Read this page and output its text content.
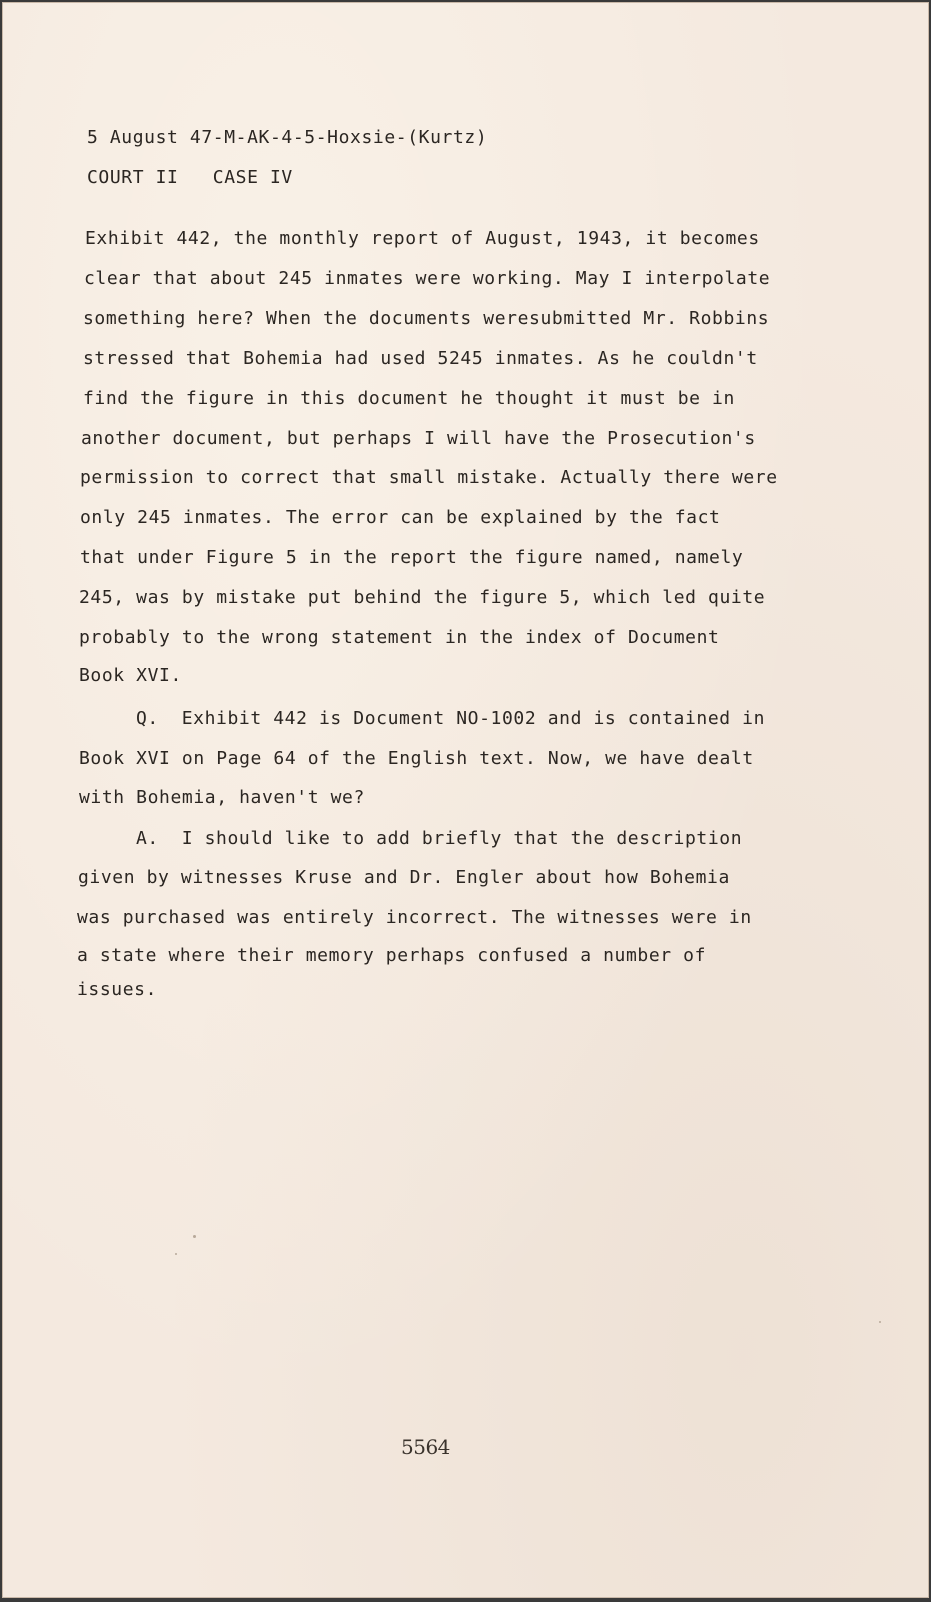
5 August 47-M-AK-4-5-Hoxsie-(Kurtz)
COURT II   CASE IV
Exhibit 442, the monthly report of August, 1943, it becomes
clear that about 245 inmates were working. May I interpolate
something here? When the documents weresubmitted Mr. Robbins
stressed that Bohemia had used 5245 inmates. As he couldn't
find the figure in this document he thought it must be in
another document, but perhaps I will have the Prosecution's
permission to correct that small mistake. Actually there were
only 245 inmates. The error can be explained by the fact
that under Figure 5 in the report the figure named, namely
245, was by mistake put behind the figure 5, which led quite
probably to the wrong statement in the index of Document
Book XVI.
Q.  Exhibit 442 is Document NO-1002 and is contained in
Book XVI on Page 64 of the English text. Now, we have dealt
with Bohemia, haven't we?
A.  I should like to add briefly that the description
given by witnesses Kruse and Dr. Engler about how Bohemia
was purchased was entirely incorrect. The witnesses were in
a state where their memory perhaps confused a number of
issues.
5564
